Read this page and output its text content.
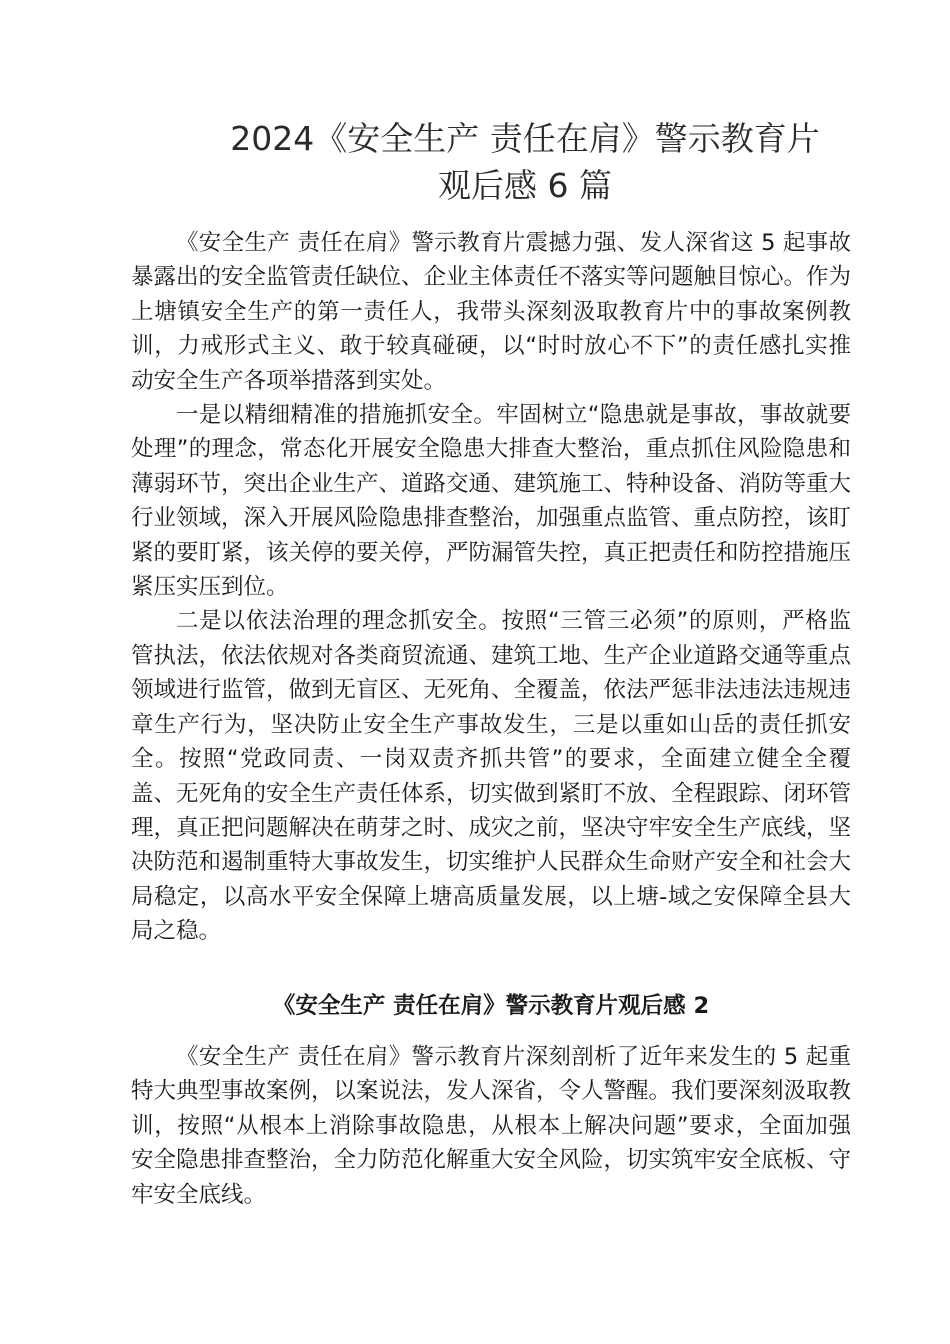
2024《安全生产 责任在肩》警示教育片
观后感 6 篇

《安全生产 责任在肩》警示教育片震撼力强、发人深省这 5 起事故暴露出的安全监管责任缺位、企业主体责任不落实等问题触目惊心。作为上塘镇安全生产的第一责任人，我带头深刻汲取教育片中的事故案例教训，力戒形式主义、敢于较真碰硬，以“时时放心不下”的责任感扎实推动安全生产各项举措落到实处。

一是以精细精准的措施抓安全。牢固树立“隐患就是事故，事故就要处理”的理念，常态化开展安全隐患大排查大整治，重点抓住风险隐患和薄弱环节，突出企业生产、道路交通、建筑施工、特种设备、消防等重大行业领域，深入开展风险隐患排查整治，加强重点监管、重点防控，该盯紧的要盯紧，该关停的要关停，严防漏管失控，真正把责任和防控措施压紧压实压到位。

二是以依法治理的理念抓安全。按照“三管三必须”的原则，严格监管执法，依法依规对各类商贸流通、建筑工地、生产企业道路交通等重点领域进行监管，做到无盲区、无死角、全覆盖，依法严惩非法违法违规违章生产行为，坚决防止安全生产事故发生，三是以重如山岳的责任抓安全。按照“党政同责、一岗双责齐抓共管”的要求，全面建立健全全覆盖、无死角的安全生产责任体系，切实做到紧盯不放、全程跟踪、闭环管理，真正把问题解决在萌芽之时、成灾之前，坚决守牢安全生产底线，坚决防范和遏制重特大事故发生，切实维护人民群众生命财产安全和社会大局稳定，以高水平安全保障上塘高质量发展，以上塘-域之安保障全县大局之稳。

《安全生产 责任在肩》警示教育片观后感 2

《安全生产 责任在肩》警示教育片深刻剖析了近年来发生的 5 起重特大典型事故案例，以案说法，发人深省，令人警醒。我们要深刻汲取教训，按照“从根本上消除事故隐患，从根本上解决问题”要求，全面加强安全隐患排查整治，全力防范化解重大安全风险，切实筑牢安全底板、守牢安全底线。
